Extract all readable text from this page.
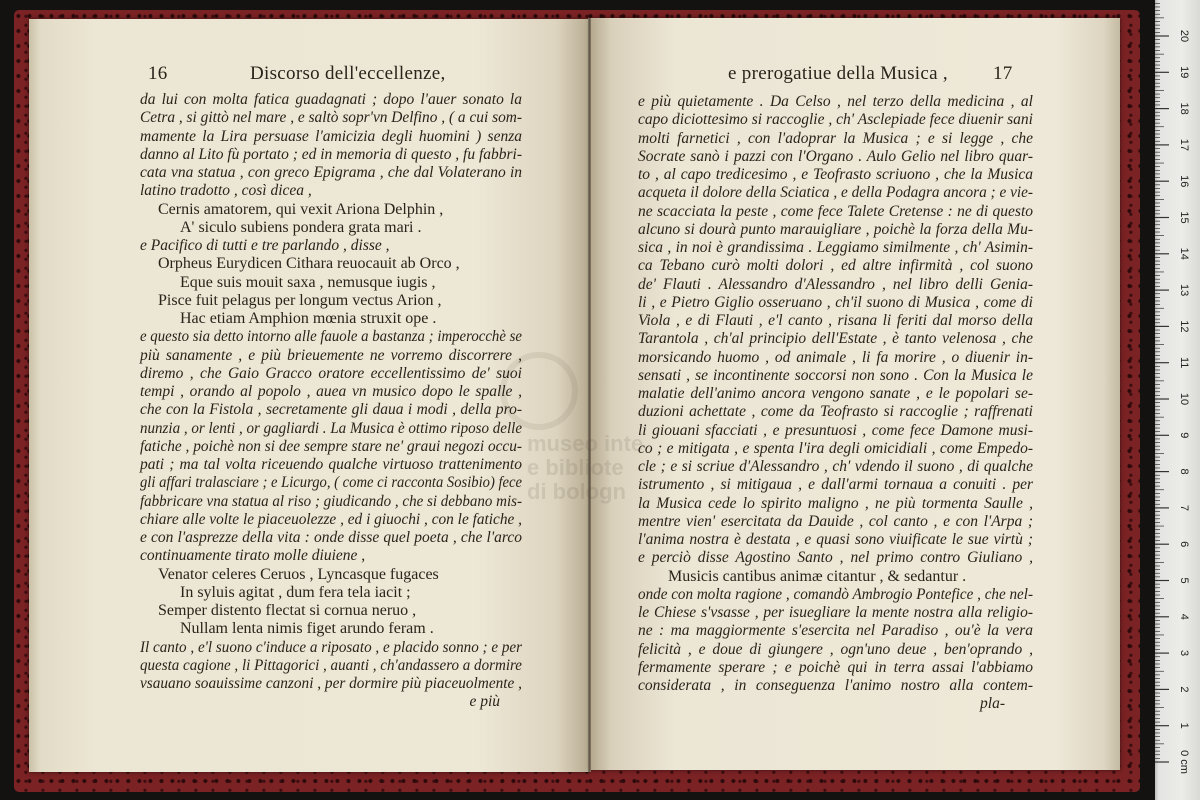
museo inte
e bibliote
di bologn
16	Discorso dell'eccellenze,
da lui con molta fatica guadagnati ; dopo l'auer sonato la
Cetra , si gittò nel mare , e saltò sopr'vn Delfino , ( a cui som-
mamente la Lira persuase l'amicizia degli huomini ) senza
danno al Lito fù portato ; ed in memoria di questo , fu fabbri-
cata vna statua , con greco Epigrama , che dal Volaterano in
latino tradotto , così dicea ,
Cernis amatorem, qui vexit Ariona Delphin ,
A' siculo subiens pondera grata mari .
e Pacifico di tutti e tre parlando , disse ,
Orpheus Eurydicen Cithara reuocauit ab Orco ,
Eque suis mouit saxa , nemusque iugis ,
Pisce fuit pelagus per longum vectus Arion ,
Hac etiam Amphion mœnia struxit ope .
e questo sia detto intorno alle fauole a bastanza ; imperocchè se
più sanamente , e più brieuemente ne vorremo discorrere ,
diremo , che Gaio Gracco oratore eccellentissimo de' suoi
tempi , orando al popolo , auea vn musico dopo le spalle ,
che con la Fistola , secretamente gli daua i modi , della pro-
nunzia , or lenti , or gagliardi . La Musica è ottimo riposo delle
fatiche , poichè non si dee sempre stare ne' graui negozi occu-
pati ; ma tal volta riceuendo qualche virtuoso trattenimento
gli affari tralasciare ; e Licurgo, ( come ci racconta Sosibio) fece
fabbricare vna statua al riso ; giudicando , che si debbano mis-
chiare alle volte le piaceuolezze , ed i giuochi , con le fatiche ,
e con l'asprezze della vita : onde disse quel poeta , che l'arco
continuamente tirato molle diuiene ,
Venator celeres Ceruos , Lyncasque fugaces
In syluis agitat , dum fera tela iacit ;
Semper distento flectat si cornua neruo ,
Nullam lenta nimis figet arundo feram .
Il canto , e'l suono c'induce a riposato , e placido sonno ; e per
questa cagione , li Pittagorici , auanti , ch'andassero a dormire
vsauano soauissime canzoni , per dormire più piaceuolmente ,
e più
e prerogatiue della Musica , 17
e più quietamente . Da Celso , nel terzo della medicina , al
capo diciottesimo si raccoglie , ch' Asclepiade fece diuenir sani
molti farnetici , con l'adoprar la Musica ; e si legge , che
Socrate sanò i pazzi con l'Organo . Aulo Gelio nel libro quar-
to , al capo tredicesimo , e Teofrasto scriuono , che la Musica
acqueta il dolore della Sciatica , e della Podagra ancora ; e vie-
ne scacciata la peste , come fece Talete Cretense : ne di questo
alcuno si dourà punto marauigliare , poichè la forza della Mu-
sica , in noi è grandissima . Leggiamo similmente , ch' Asimin-
ca Tebano curò molti dolori , ed altre infirmità , col suono
de' Flauti . Alessandro d'Alessandro , nel libro delli Genia-
li , e Pietro Giglio osseruano , ch'il suono di Musica , come di
Viola , e di Flauti , e'l canto , risana li feriti dal morso della
Tarantola , ch'al principio dell'Estate , è tanto velenosa , che
morsicando huomo , od animale , li fa morire , o diuenir in-
sensati , se incontinente soccorsi non sono . Con la Musica le
malatie dell'animo ancora vengono sanate , e le popolari se-
duzioni achettate , come da Teofrasto si raccoglie ; raffrenati
li giouani sfacciati , e presuntuosi , come fece Damone musi-
co ; e mitigata , e spenta l'ira degli omicidiali , come Empedo-
cle ; e si scriue d'Alessandro , ch' vdendo il suono , di qualche
istrumento , si mitigaua , e dall'armi tornaua a conuiti . per
la Musica cede lo spirito maligno , ne più tormenta Saulle ,
mentre vien' esercitata da Dauide , col canto , e con l'Arpa ;
l'anima nostra è destata , e quasi sono viuificate le sue virtù ;
e perciò disse Agostino Santo , nel primo contro Giuliano ,
Musicis cantibus animæ citantur , & sedantur .
onde con molta ragione , comandò Ambrogio Pontefice , che nel-
le Chiese s'vsasse , per isuegliare la mente nostra alla religio-
ne : ma maggiormente s'esercita nel Paradiso , ou'è la vera
felicità , e doue di giungere , ogn'uno deue , ben'oprando ,
fermamente sperare ; e poichè qui in terra assai l'abbiamo
considerata , in conseguenza l'animo nostro alla contem-
pla-
0 cm
1
2
3
4
5
6
7
8
9
10
11
12
13
14
15
16
17
18
19
20
